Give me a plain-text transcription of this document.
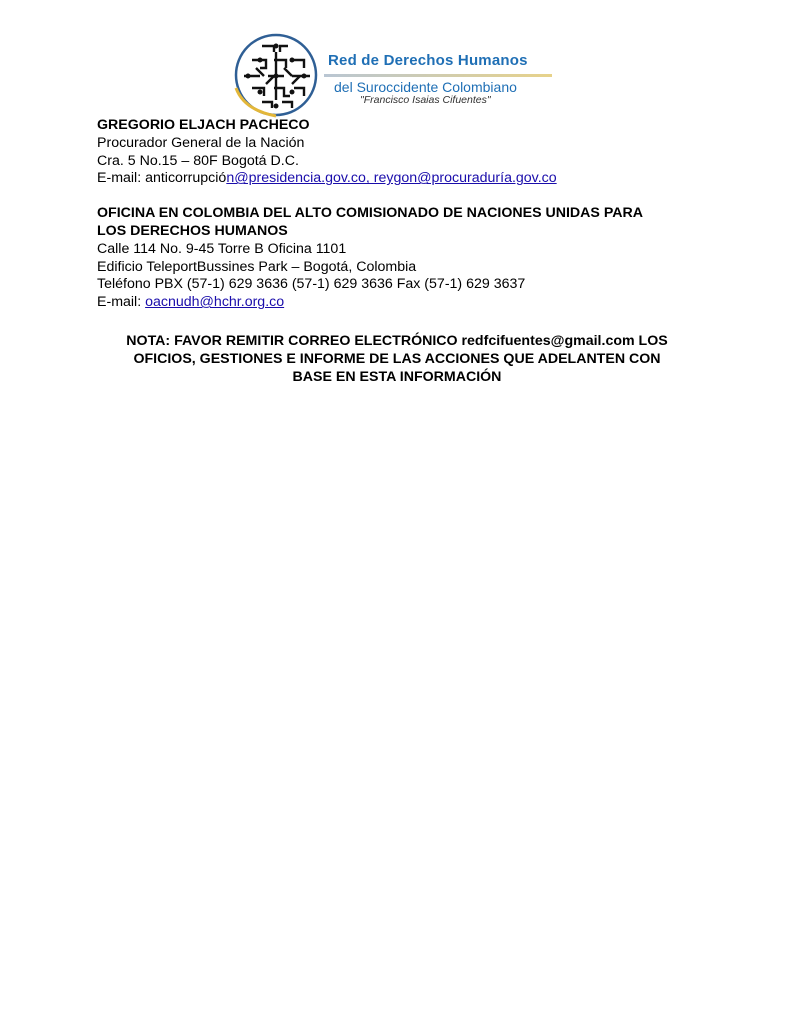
Red de Derechos Humanos
del Suroccidente Colombiano
"Francisco Isaias Cifuentes"

GREGORIO ELJACH PACHECO

Procurador General de la Nación

Cra. 5 No.15 – 80F Bogotá D.C.

E-mail: anticorrupción@presidencia.gov.co, reygon@procuraduría.gov.co

OFICINA EN COLOMBIA DEL ALTO COMISIONADO DE NACIONES UNIDAS PARA

LOS DERECHOS HUMANOS

Calle 114 No. 9-45 Torre B Oficina 1101

Edificio TeleportBussines Park – Bogotá, Colombia

Teléfono PBX (57-1) 629 3636 (57-1) 629 3636 Fax (57-1) 629 3637

E-mail: oacnudh@hchr.org.co

NOTA: FAVOR REMITIR CORREO ELECTRÓNICO redfcifuentes@gmail.com LOS

OFICIOS, GESTIONES E INFORME DE LAS ACCIONES QUE ADELANTEN CON

BASE EN ESTA INFORMACIÓN
